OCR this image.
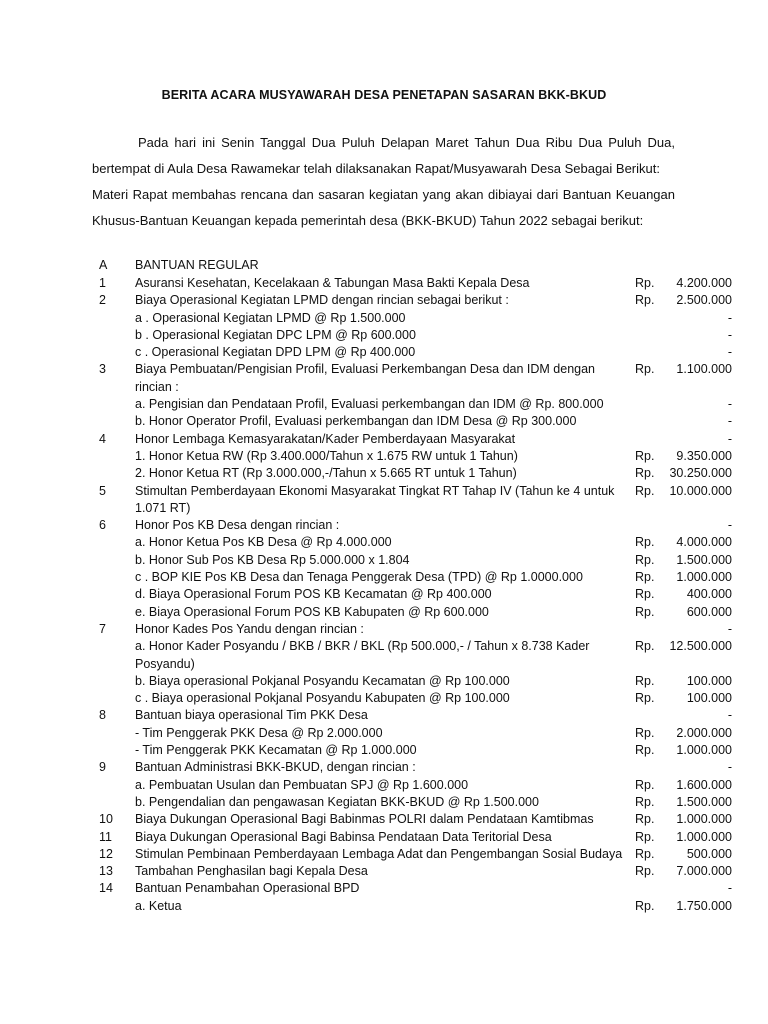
BERITA ACARA MUSYAWARAH DESA PENETAPAN SASARAN BKK-BKUD
Pada hari ini Senin Tanggal Dua Puluh Delapan Maret Tahun Dua Ribu Dua Puluh Dua,
bertempat di Aula Desa Rawamekar telah dilaksanakan Rapat/Musyawarah Desa Sebagai Berikut:
Materi Rapat membahas rencana dan sasaran kegiatan yang akan dibiayai dari Bantuan Keuangan
Khusus-Bantuan Keuangan kepada pemerintah desa (BKK-BKUD) Tahun 2022 sebagai berikut:
A	BANTUAN REGULAR		
1	Asuransi Kesehatan, Kecelakaan & Tabungan Masa Bakti Kepala Desa	Rp.	4.200.000
2	Biaya Operasional Kegiatan LPMD dengan rincian sebagai berikut :	Rp.	2.500.000
	a . Operasional Kegiatan LPMD @ Rp 1.500.000		-
	b . Operasional Kegiatan DPC LPM @ Rp 600.000		-
	c . Operasional Kegiatan DPD LPM @ Rp 400.000		-
3	Biaya Pembuatan/Pengisian Profil, Evaluasi Perkembangan Desa dan IDM dengan rincian :	Rp.	1.100.000
	a. Pengisian dan Pendataan Profil, Evaluasi perkembangan dan IDM @ Rp. 800.000		-
	b. Honor Operator Profil, Evaluasi perkembangan dan IDM Desa @ Rp 300.000		-
4	Honor Lembaga Kemasyarakatan/Kader Pemberdayaan Masyarakat		-
	1. Honor Ketua RW (Rp 3.400.000/Tahun x 1.675 RW untuk 1 Tahun)	Rp.	9.350.000
	2. Honor Ketua RT (Rp 3.000.000,-/Tahun x 5.665 RT untuk 1 Tahun)	Rp.	30.250.000
5	Stimultan Pemberdayaan Ekonomi Masyarakat Tingkat RT Tahap IV (Tahun ke 4 untuk 1.071 RT)	Rp.	10.000.000
6	Honor Pos KB Desa dengan rincian :		-
	a. Honor Ketua Pos KB Desa @ Rp 4.000.000	Rp.	4.000.000
	b. Honor Sub Pos KB Desa Rp 5.000.000 x 1.804	Rp.	1.500.000
	c . BOP KIE Pos KB Desa dan Tenaga Penggerak Desa (TPD) @ Rp 1.0000.000	Rp.	1.000.000
	d. Biaya Operasional Forum POS KB Kecamatan @ Rp 400.000	Rp.	400.000
	e. Biaya Operasional Forum POS KB Kabupaten @ Rp 600.000	Rp.	600.000
7	Honor Kades Pos Yandu dengan rincian :		-
	a. Honor Kader Posyandu / BKB / BKR / BKL (Rp 500.000,- / Tahun x 8.738 Kader Posyandu)	Rp.	12.500.000
	b. Biaya operasional Pokjanal Posyandu Kecamatan @ Rp 100.000	Rp.	100.000
	c . Biaya operasional Pokjanal Posyandu Kabupaten @ Rp 100.000	Rp.	100.000
8	Bantuan biaya operasional Tim PKK Desa		-
	- Tim Penggerak PKK Desa @ Rp 2.000.000	Rp.	2.000.000
	- Tim Penggerak PKK Kecamatan @ Rp 1.000.000	Rp.	1.000.000
9	Bantuan Administrasi BKK-BKUD, dengan rincian :		-
	a. Pembuatan Usulan dan Pembuatan SPJ @ Rp 1.600.000	Rp.	1.600.000
	b. Pengendalian dan pengawasan Kegiatan BKK-BKUD @ Rp 1.500.000	Rp.	1.500.000
10	Biaya Dukungan Operasional Bagi Babinmas POLRI dalam Pendataan Kamtibmas	Rp.	1.000.000
11	Biaya Dukungan Operasional Bagi Babinsa Pendataan Data Teritorial Desa	Rp.	1.000.000
12	Stimulan Pembinaan Pemberdayaan Lembaga Adat dan Pengembangan Sosial Budaya	Rp.	500.000
13	Tambahan Penghasilan bagi Kepala Desa	Rp.	7.000.000
14	Bantuan Penambahan Operasional BPD		-
	a. Ketua	Rp.	1.750.000
